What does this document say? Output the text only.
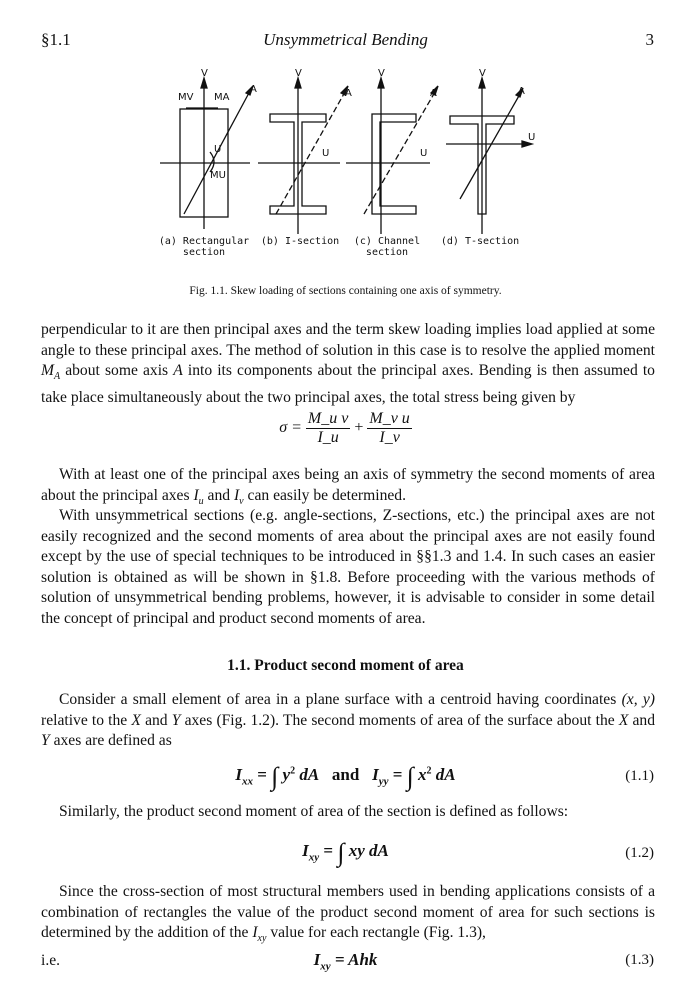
§1.1	Unsymmetrical Bending	3
V
MV MA
A
U
MU
V
A
U
V
A
U
V
A
U
(a) Rectangular
section
(b) I-section	(c) Channel
section
(d) T-section
Fig. 1.1. Skew loading of sections containing one axis of symmetry.
perpendicular to it are then principal axes and the term skew loading implies load applied at some angle to these principal axes. The method of solution in this case is to resolve the applied moment $M_A$ about some axis A into its components about the principal axes. Bending is then assumed to take place simultaneously about the two principal axes, the total stress being given by
$\sigma = \frac{\text{M\_u v}}{I\_u} + \frac{\text{M\_v u}}{I\_v}$
With at least one of the principal axes being an axis of symmetry the second moments of area about the principal axes $I_u$ and $I_v$ can easily be determined.
With unsymmetrical sections (e.g. angle-sections, Z-sections, etc.) the principal axes are not easily recognized and the second moments of area about the principal axes are not easily found except by the use of special techniques to be introduced in §§1.3 and 1.4. In such cases an easier solution is obtained as will be shown in §1.8. Before proceeding with the various methods of solution of unsymmetrical bending problems, however, it is advisable to consider in some detail the concept of principal and product second moments of area.
1.1. Product second moment of area
Consider a small element of area in a plane surface with a centroid having coordinates (x, y) relative to the X and Y axes (Fig. 1.2). The second moments of area of the surface about the X and Y axes are defined as
$I_{xx}$ = ∫ $y^2$ dA and $I_{yy}$ = ∫ $x^2$ dA	(1.1)
Similarly, the product second moment of area of the section is defined as follows:
$I_{xy}$ = ∫ xy dA	(1.2)
Since the cross-section of most structural members used in bending applications consists of a combination of rectangles the value of the product second moment of area for such sections is determined by the addition of the $I_{xy}$ value for each rectangle (Fig. 1.3),
i.e.	$I_{xy}$ = Ahk	(1.3)
